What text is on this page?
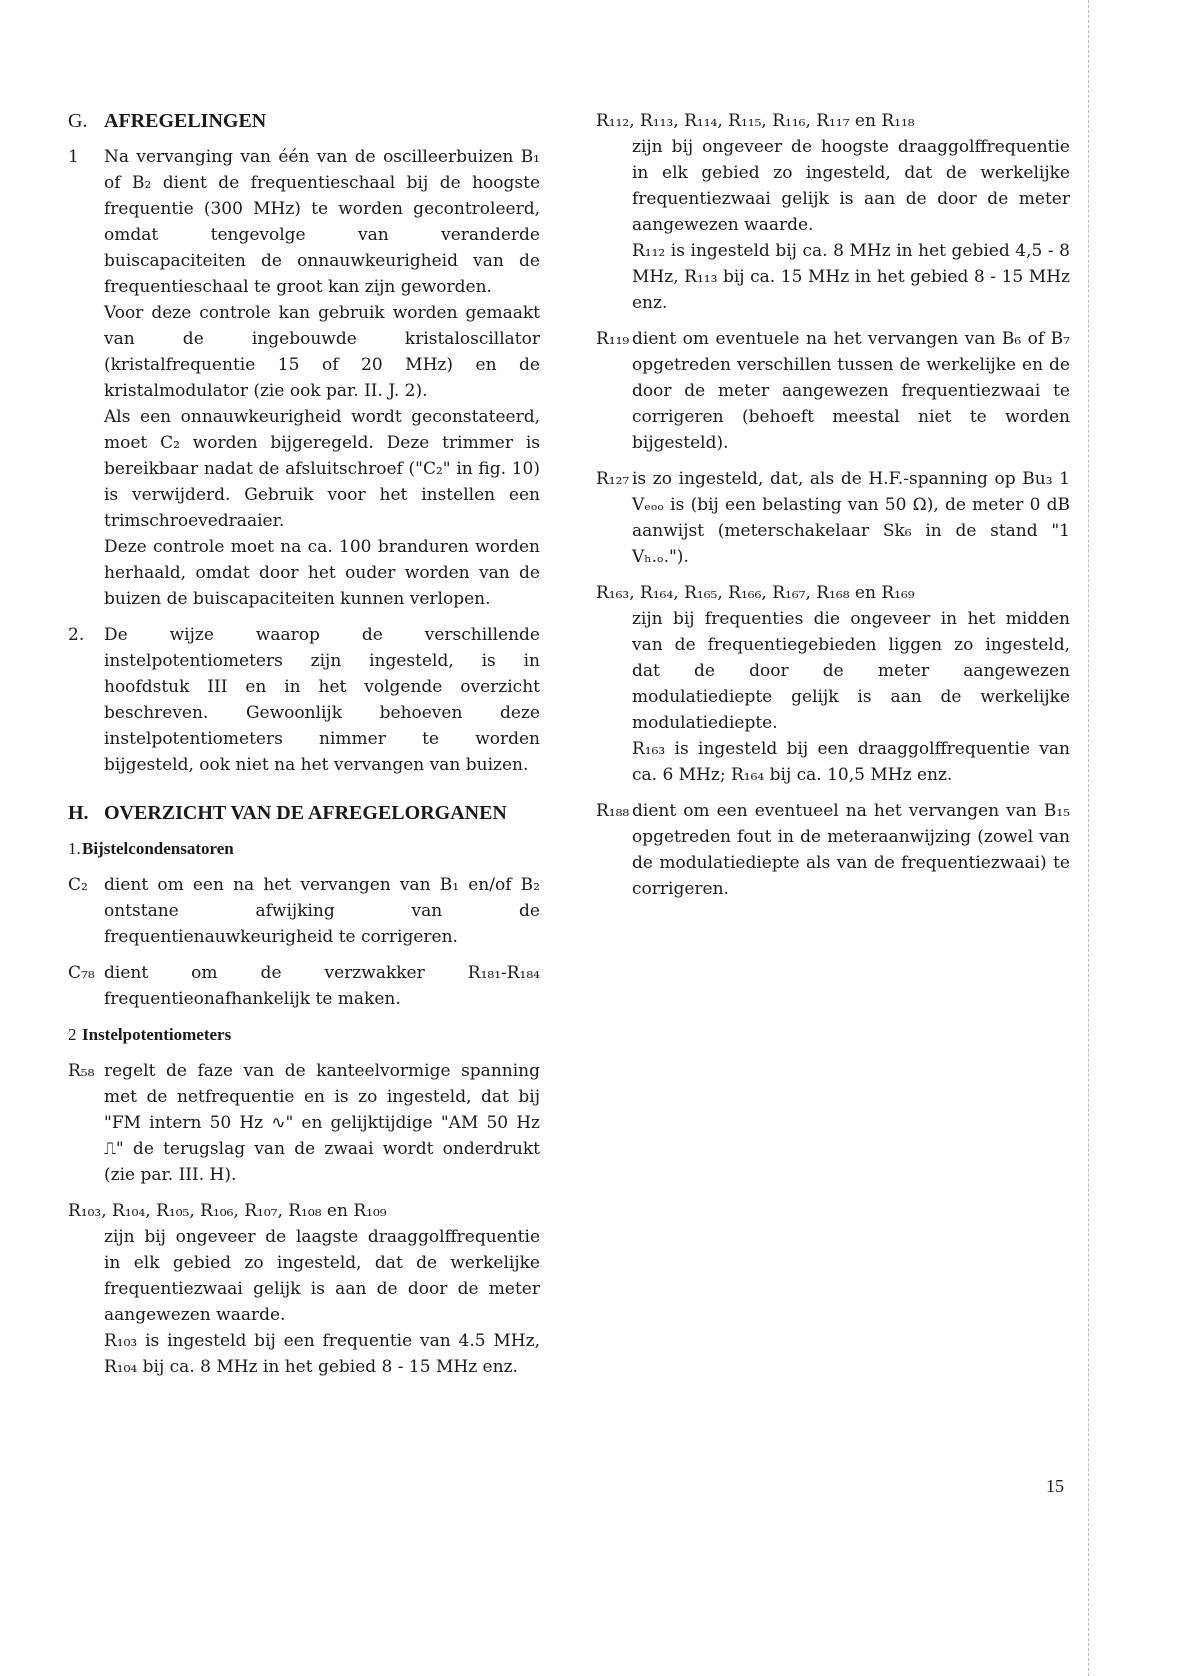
G. AFREGELINGEN
1	Na vervanging van één van de oscilleerbuizen B₁ of B₂ dient de frequentieschaal bij de hoogste frequentie (300 MHz) te worden gecontroleerd, omdat tengevolge van veranderde buiscapaciteiten de onnauwkeurigheid van de frequentieschaal te groot kan zijn geworden.

Voor deze controle kan gebruik worden gemaakt van de ingebouwde kristaloscillator (kristalfrequentie 15 of 20 MHz) en de kristalmodulator (zie ook par. II. J. 2).

Als een onnauwkeurigheid wordt geconstateerd, moet C₂ worden bijgeregeld. Deze trimmer is bereikbaar nadat de afsluitschroef ("C₂" in fig. 10) is verwijderd. Gebruik voor het instellen een trimschroevedraaier.

Deze controle moet na ca. 100 branduren worden herhaald, omdat door het ouder worden van de buizen de buiscapaciteiten kunnen verlopen.

2.	De wijze waarop de verschillende instelpotentiometers zijn ingesteld, is in hoofdstuk III en in het volgende overzicht beschreven. Gewoonlijk behoeven deze instelpotentiometers nimmer te worden bijgesteld, ook niet na het vervangen van buizen.

H. OVERZICHT VAN DE AFREGELORGANEN
1.Bijstelcondensatoren
C₂ dient om een na het vervangen van B₁ en/of B₂ ontstane afwijking van de frequentienauwkeurigheid te corrigeren.
C₇₈ dient om de verzwakker R₁₈₁-R₁₈₄ frequentieonafhankelijk te maken.
2 Instelpotentiometers
R₅₈ regelt de faze van de kanteelvormige spanning met de netfrequentie en is zo ingesteld, dat bij "FM intern 50 Hz ∿" en gelijktijdige "AM 50 Hz ⎍" de terugslag van de zwaai wordt onderdrukt (zie par. III. H).
R₁₀₃, R₁₀₄, R₁₀₅, R₁₀₆, R₁₀₇, R₁₀₈ en R₁₀₉

zijn bij ongeveer de laagste draaggolffrequentie in elk gebied zo ingesteld, dat de werkelijke frequentiezwaai gelijk is aan de door de meter aangewezen waarde.

R₁₀₃ is ingesteld bij een frequentie van 4.5 MHz, R₁₀₄ bij ca. 8 MHz in het gebied 8 - 15 MHz enz.

R₁₁₂, R₁₁₃, R₁₁₄, R₁₁₅, R₁₁₆, R₁₁₇ en R₁₁₈

zijn bij ongeveer de hoogste draaggolffrequentie in elk gebied zo ingesteld, dat de werkelijke frequentiezwaai gelijk is aan de door de meter aangewezen waarde.

R₁₁₂ is ingesteld bij ca. 8 MHz in het gebied 4,5 - 8 MHz, R₁₁₃ bij ca. 15 MHz in het gebied 8 - 15 MHz enz.

R₁₁₉ dient om eventuele na het vervangen van B₆ of B₇ opgetreden verschillen tussen de werkelijke en de door de meter aangewezen frequentiezwaai te corrigeren (behoeft meestal niet te worden bijgesteld).
R₁₂₇ is zo ingesteld, dat, als de H.F.-spanning op Bu₃ 1 Vₑₒₒ is (bij een belasting van 50 Ω), de meter 0 dB aanwijst (meterschakelaar Sk₆ in de stand "1 Vₕ.ₒ.").
R₁₆₃, R₁₆₄, R₁₆₅, R₁₆₆, R₁₆₇, R₁₆₈ en R₁₆₉

zijn bij frequenties die ongeveer in het midden van de frequentiegebieden liggen zo ingesteld, dat de door de meter aangewezen modulatiediepte gelijk is aan de werkelijke modulatiediepte.

R₁₆₃ is ingesteld bij een draaggolffrequentie van ca. 6 MHz; R₁₆₄ bij ca. 10,5 MHz enz.

R₁₈₈ dient om een eventueel na het vervangen van B₁₅ opgetreden fout in de meteraanwijzing (zowel van de modulatiediepte als van de frequentiezwaai) te corrigeren.
15
